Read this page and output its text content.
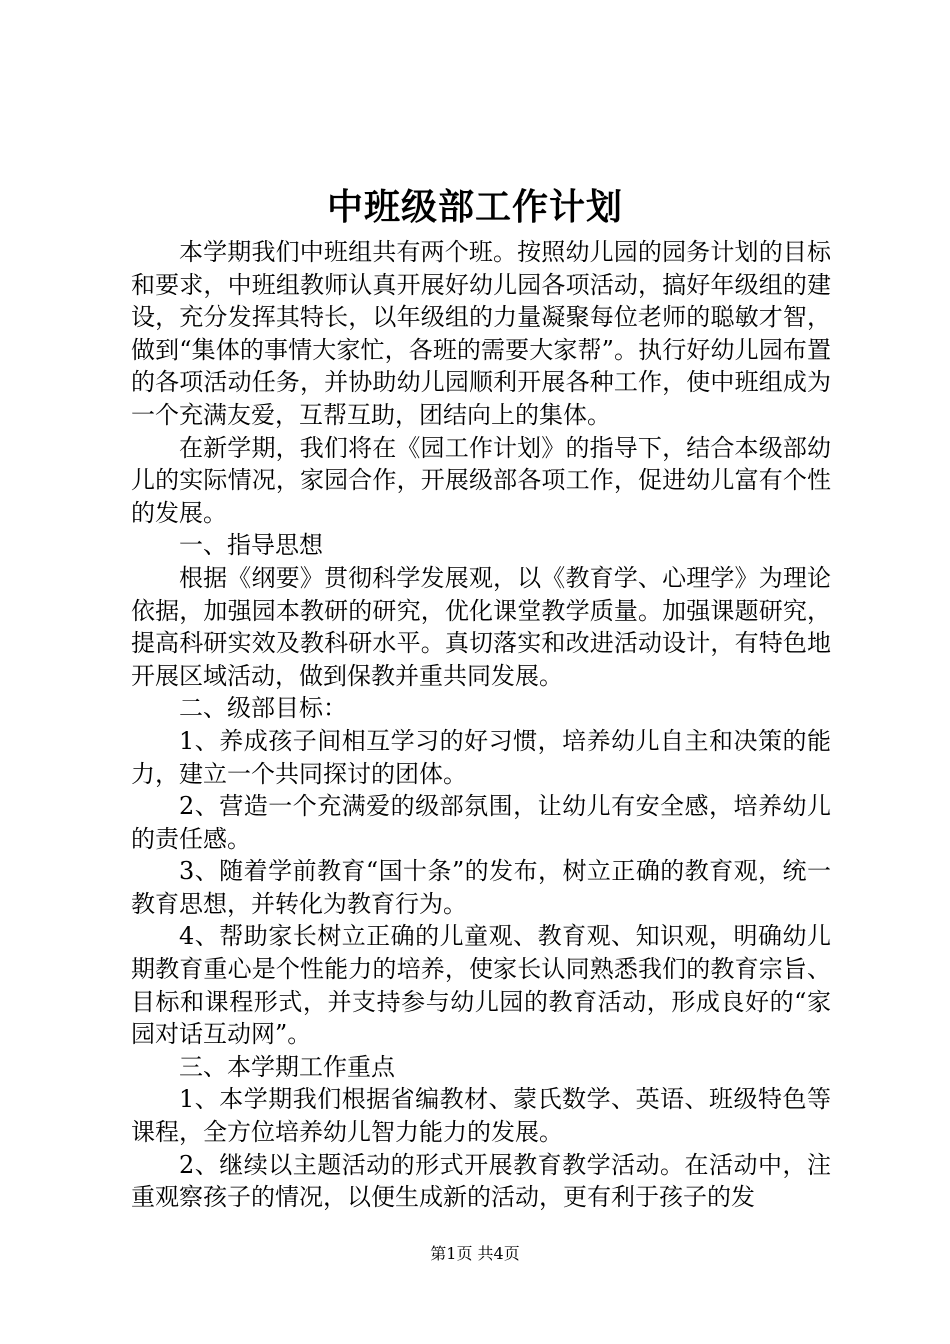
中班级部工作计划

本学期我们中班组共有两个班。按照幼儿园的园务计划的目标和要求，中班组教师认真开展好幼儿园各项活动，搞好年级组的建设，充分发挥其特长，以年级组的力量凝聚每位老师的聪敏才智，做到“集体的事情大家忙，各班的需要大家帮”。执行好幼儿园布置的各项活动任务，并协助幼儿园顺利开展各种工作，使中班组成为一个充满友爱，互帮互助，团结向上的集体。

在新学期，我们将在《园工作计划》的指导下，结合本级部幼儿的实际情况，家园合作，开展级部各项工作，促进幼儿富有个性的发展。

一、指导思想

根据《纲要》贯彻科学发展观，以《教育学、心理学》为理论依据，加强园本教研的研究，优化课堂教学质量。加强课题研究，提高科研实效及教科研水平。真切落实和改进活动设计，有特色地开展区域活动，做到保教并重共同发展。

二、级部目标：

1、养成孩子间相互学习的好习惯，培养幼儿自主和决策的能力，建立一个共同探讨的团体。

2、营造一个充满爱的级部氛围，让幼儿有安全感，培养幼儿的责任感。

3、随着学前教育“国十条”的发布，树立正确的教育观，统一教育思想，并转化为教育行为。

4、帮助家长树立正确的儿童观、教育观、知识观，明确幼儿期教育重心是个性能力的培养，使家长认同熟悉我们的教育宗旨、目标和课程形式，并支持参与幼儿园的教育活动，形成良好的“家园对话互动网”。

三、本学期工作重点

1、本学期我们根据省编教材、蒙氏数学、英语、班级特色等课程，全方位培养幼儿智力能力的发展。

2、继续以主题活动的形式开展教育教学活动。在活动中，注重观察孩子的情况，以便生成新的活动，更有利于孩子的发

第1页 共4页
